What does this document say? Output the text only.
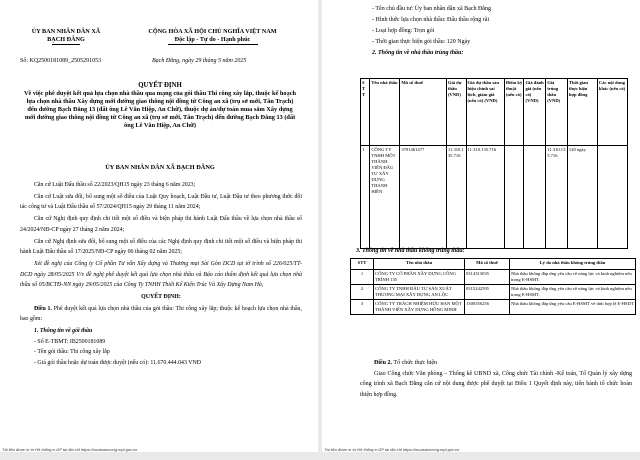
ỦY BAN NHÂN DÂN XÃ
BẠCH ĐẰNG
CỘNG HÒA XÃ HỘI CHỦ NGHĨA VIỆT NAM
Độc lập - Tự do - Hạnh phúc
Số: KQ2500181089_2505291053	Bạch Đằng, ngày 29 tháng 5 năm 2025
QUYẾT ĐỊNH
Về việc phê duyệt kết quả lựa chọn nhà thầu qua mạng của gói thầu Thi công xây lắp, thuộc kế hoạch lựa chọn nhà thầu Xây dựng mới đường giao thông nội đồng từ Công an xã (trụ sở mới, Tân Trạch) đến đường Bạch Đằng 13 (đất ông Lê Văn Hiệp, An Chữ), thuộc dự án/dự toán mua sắm Xây dựng mới đường giao thông nội đồng từ Công an xã (trụ sở mới, Tân Trạch) đến đường Bạch Đằng 13 (đất ông Lê Văn Hiệp, An Chữ)
ỦY BAN NHÂN DÂN XÃ BẠCH ĐẰNG

Căn cứ Luật Đấu thầu số 22/2023/QH15 ngày 23 tháng 6 năm 2023;

Căn cứ Luật sửa đổi, bổ sung một số điều của Luật Quy hoạch, Luật Đầu tư, Luật Đầu tư theo phương thức đối tác công tư và Luật Đấu thầu số 57/2024/QH15 ngày 29 tháng 11 năm 2024;

Căn cứ Nghị định quy định chi tiết một số điều và biện pháp thi hành Luật Đấu thầu về lựa chọn nhà thầu số 24/2024/NĐ-CP ngày 27 tháng 2 năm 2024;

Căn cứ Nghị định sửa đổi, bổ sung một số điều của các Nghị định quy định chi tiết một số điều và biện pháp thi hành Luật Đấu thầu số 17/2025/NĐ-CP ngày 06 tháng 02 năm 2025;

Xét đề nghị của Công ty Cổ phần Tư vấn Xây dựng và Thương mại Sài Gòn DCD tại tờ trình số 226/025/TT-DCD ngày 28/05/2025 V/v đề nghị phê duyệt kết quả lựa chọn nhà thầu và Báo cáo thẩm định kết quả lựa chọn nhà thầu số 05/BCTĐ-NN ngày 29/05/2025 của Công Ty TNHH Thiết Kế Kiến Trúc Và Xây Dựng Nam Hà,

QUYẾT ĐỊNH:

Điều 1. Phê duyệt kết quả lựa chọn nhà thầu của gói thầu: Thi công xây lắp; thuộc kế hoạch lựa chọn nhà thầu, bao gồm:

1. Thông tin về gói thầu
- Số E-TBMT: IB2500181089
- Tên gói thầu: Thi công xây lắp
- Giá gói thầu hoặc dự toán được duyệt (nếu có): 11.670.444.043 VNĐ
Tài liệu được in từ Hệ thống e-GP tại địa chỉ https://muasamcong.mpi.gov.vn
- Tên chủ đầu tư: Ủy ban nhân dân xã Bạch Đằng
- Hình thức lựa chọn nhà thầu: Đấu thầu rộng rãi
- Loại hợp đồng: Trọn gói
- Thời gian thực hiện gói thầu: 120 Ngày
2. Thông tin về nhà thầu trúng thầu:
S T T	Tên nhà thầu	Mã số thuế	Giá dự thầu (VND)	Giá dự thầu sau hiệu chỉnh sai lệch, giảm giá (nếu có) (VND)	Điểm kỹ thuật (nếu có)	Giá đánh giá (nếu có) (VND)	Giá trúng thầu (VND)	Thời gian thực hiện hợp đồng	Các nội dung khác (nếu có)
1	CÔNG TY TNHH MỘT THÀNH VIÊN ĐẦU TƯ XÂY DỰNG THANH HIỀN	3701461477	11.310.135.716	11.310.135.716			11.310.135.716	120 ngày	
3. Thông tin về nhà thầu không trúng thầu:
STT	Tên nhà thầu	Mã số thuế	Lý do nhà thầu không trúng thầu
1	CÔNG TY CỔ PHẦN XÂY DỰNG CÔNG TRÌNH 135	0314313035	Nhà thầu không đáp ứng yêu cầu về năng lực và kinh nghiệm nêu trong E-HSMT.
2	CÔNG TY TNHH ĐẦU TƯ SẢN XUẤT THƯƠNG MẠI XÂY DỰNG AN LỘC	0315242595	Nhà thầu không đáp ứng yêu cầu về năng lực và kinh nghiệm nêu trong E-HSMT.
3	CÔNG TY TRÁCH NHIỆM HỮU HẠN MỘT THÀNH VIÊN XÂY DỰNG HỒNG MINH	1300356256	Nhà thầu không đáp ứng yêu cầu E-HSMT về tính hợp lệ E-HSDT

Điều 2. Tổ chức thực hiện

Giao Công chức Văn phòng – Thống kê UBND xã, Công chức Tài chính -Kế toán, Tổ Quản lý xây dựng công trình xã Bạch Đằng căn cứ nội dung được phê duyệt tại Điều 1 Quyết định này, tiến hành tổ chức hoàn thiện hợp đồng.

Tài liệu được in từ Hệ thống e-GP tại địa chỉ https://muasamcong.mpi.gov.vn
